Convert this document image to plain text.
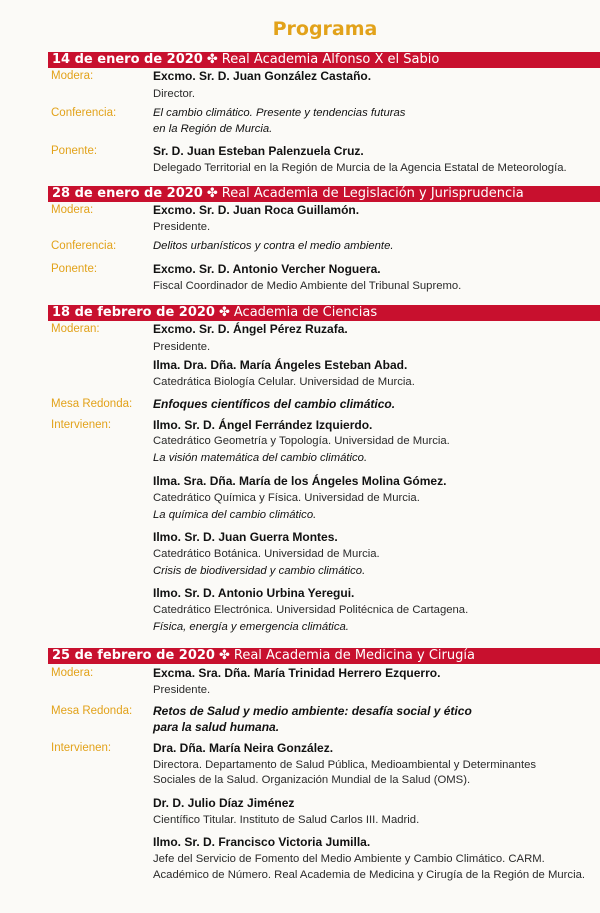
Programa
14 de enero de 2020 ✤ Real Academia Alfonso X el Sabio
Modera:	Excmo. Sr. D. Juan González Castaño.
Director.
Conferencia:	El cambio climático. Presente y tendencias futuras
en la Región de Murcia.
Ponente:	Sr. D. Juan Esteban Palenzuela Cruz.
Delegado Territorial en la Región de Murcia de la Agencia Estatal de Meteorología.
28 de enero de 2020 ✤ Real Academia de Legislación y Jurisprudencia
Modera:	Excmo. Sr. D. Juan Roca Guillamón.
Presidente.
Conferencia:	Delitos urbanísticos y contra el medio ambiente.
Ponente:	Excmo. Sr. D. Antonio Vercher Noguera.
Fiscal Coordinador de Medio Ambiente del Tribunal Supremo.
18 de febrero de 2020 ✤ Academia de Ciencias
Moderan:	Excmo. Sr. D. Ángel Pérez Ruzafa.
Presidente.
Ilma. Dra. Dña. María Ángeles Esteban Abad.
Catedrática Biología Celular. Universidad de Murcia.
Mesa Redonda: Enfoques científicos del cambio climático.
Intervienen:	Ilmo. Sr. D. Ángel Ferrández Izquierdo.
Catedrático Geometría y Topología. Universidad de Murcia.
La visión matemática del cambio climático.
Ilma. Sra. Dña. María de los Ángeles Molina Gómez.
Catedrático Química y Física. Universidad de Murcia.
La química del cambio climático.
Ilmo. Sr. D. Juan Guerra Montes.
Catedrático Botánica. Universidad de Murcia.
Crisis de biodiversidad y cambio climático.
Ilmo. Sr. D. Antonio Urbina Yeregui.
Catedrático Electrónica. Universidad Politécnica de Cartagena.
Física, energía y emergencia climática.
25 de febrero de 2020 ✤ Real Academia de Medicina y Cirugía
Modera:	Excma. Sra. Dña. María Trinidad Herrero Ezquerro.
Presidente.
Mesa Redonda: Retos de Salud y medio ambiente: desafía social y ético
para la salud humana.
Intervienen:	Dra. Dña. María Neira González.
Directora. Departamento de Salud Pública, Medioambiental y Determinantes
Sociales de la Salud. Organización Mundial de la Salud (OMS).
Dr. D. Julio Díaz Jiménez
Científico Titular. Instituto de Salud Carlos III. Madrid.
Ilmo. Sr. D. Francisco Victoria Jumilla.
Jefe del Servicio de Fomento del Medio Ambiente y Cambio Climático. CARM.
Académico de Número. Real Academia de Medicina y Cirugía de la Región de Murcia.
